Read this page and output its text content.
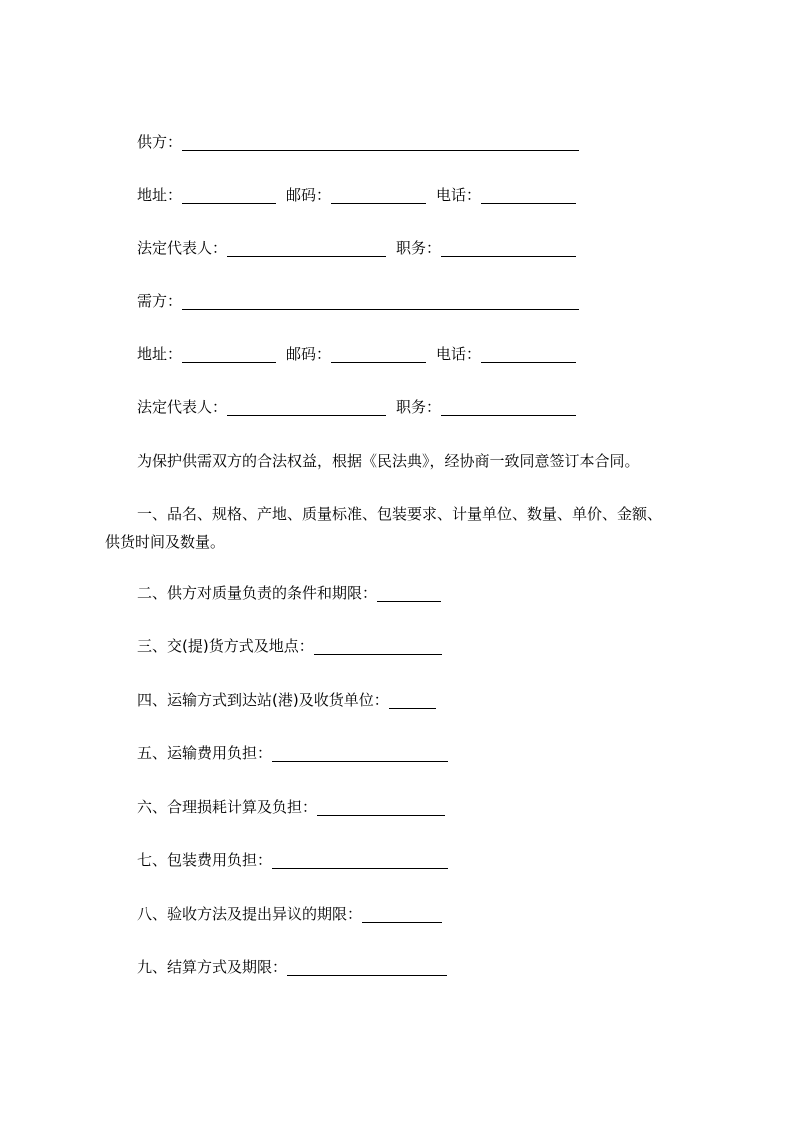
供方：
地址：	邮码：	电话：
法定代表人：	职务：
需方：
地址：	邮码：	电话：
法定代表人：	职务：
为保护供需双方的合法权益，根据《民法典》，经协商一致同意签订本合同。
一、品名、规格、产地、质量标准、包装要求、计量单位、数量、单价、金额、
供货时间及数量。
二、供方对质量负责的条件和期限：
三、交(提)货方式及地点：
四、运输方式到达站(港)及收货单位：
五、运输费用负担：
六、合理损耗计算及负担：
七、包装费用负担：
八、验收方法及提出异议的期限：
九、结算方式及期限：
